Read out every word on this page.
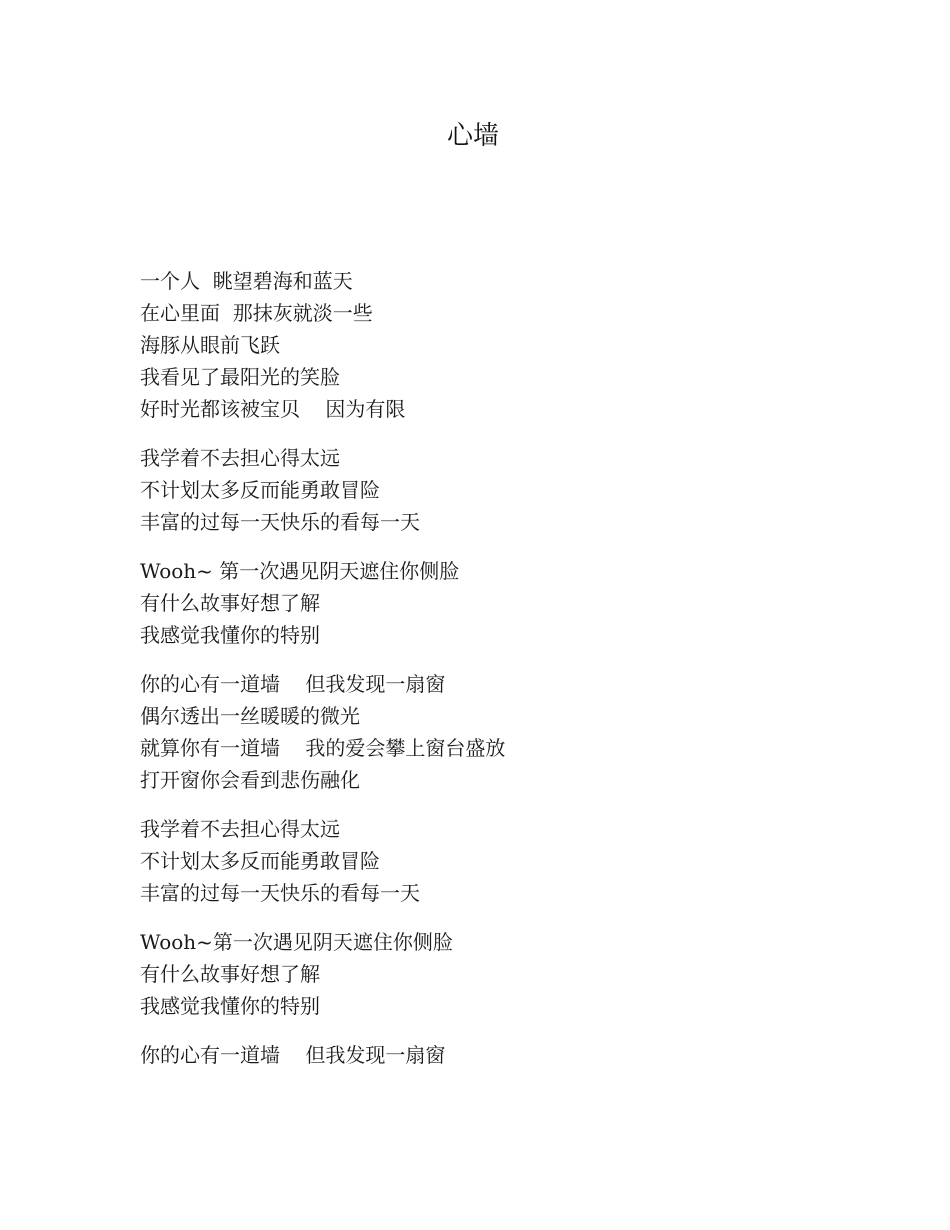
心墙
一个人  眺望碧海和蓝天
在心里面  那抹灰就淡一些
海豚从眼前飞跃
我看见了最阳光的笑脸
好时光都该被宝贝    因为有限
我学着不去担心得太远
不计划太多反而能勇敢冒险
丰富的过每一天快乐的看每一天
Wooh~ 第一次遇见阴天遮住你侧脸
有什么故事好想了解
我感觉我懂你的特别
你的心有一道墙    但我发现一扇窗
偶尔透出一丝暖暖的微光
就算你有一道墙    我的爱会攀上窗台盛放
打开窗你会看到悲伤融化
我学着不去担心得太远
不计划太多反而能勇敢冒险
丰富的过每一天快乐的看每一天
Wooh~第一次遇见阴天遮住你侧脸
有什么故事好想了解
我感觉我懂你的特别
你的心有一道墙    但我发现一扇窗
